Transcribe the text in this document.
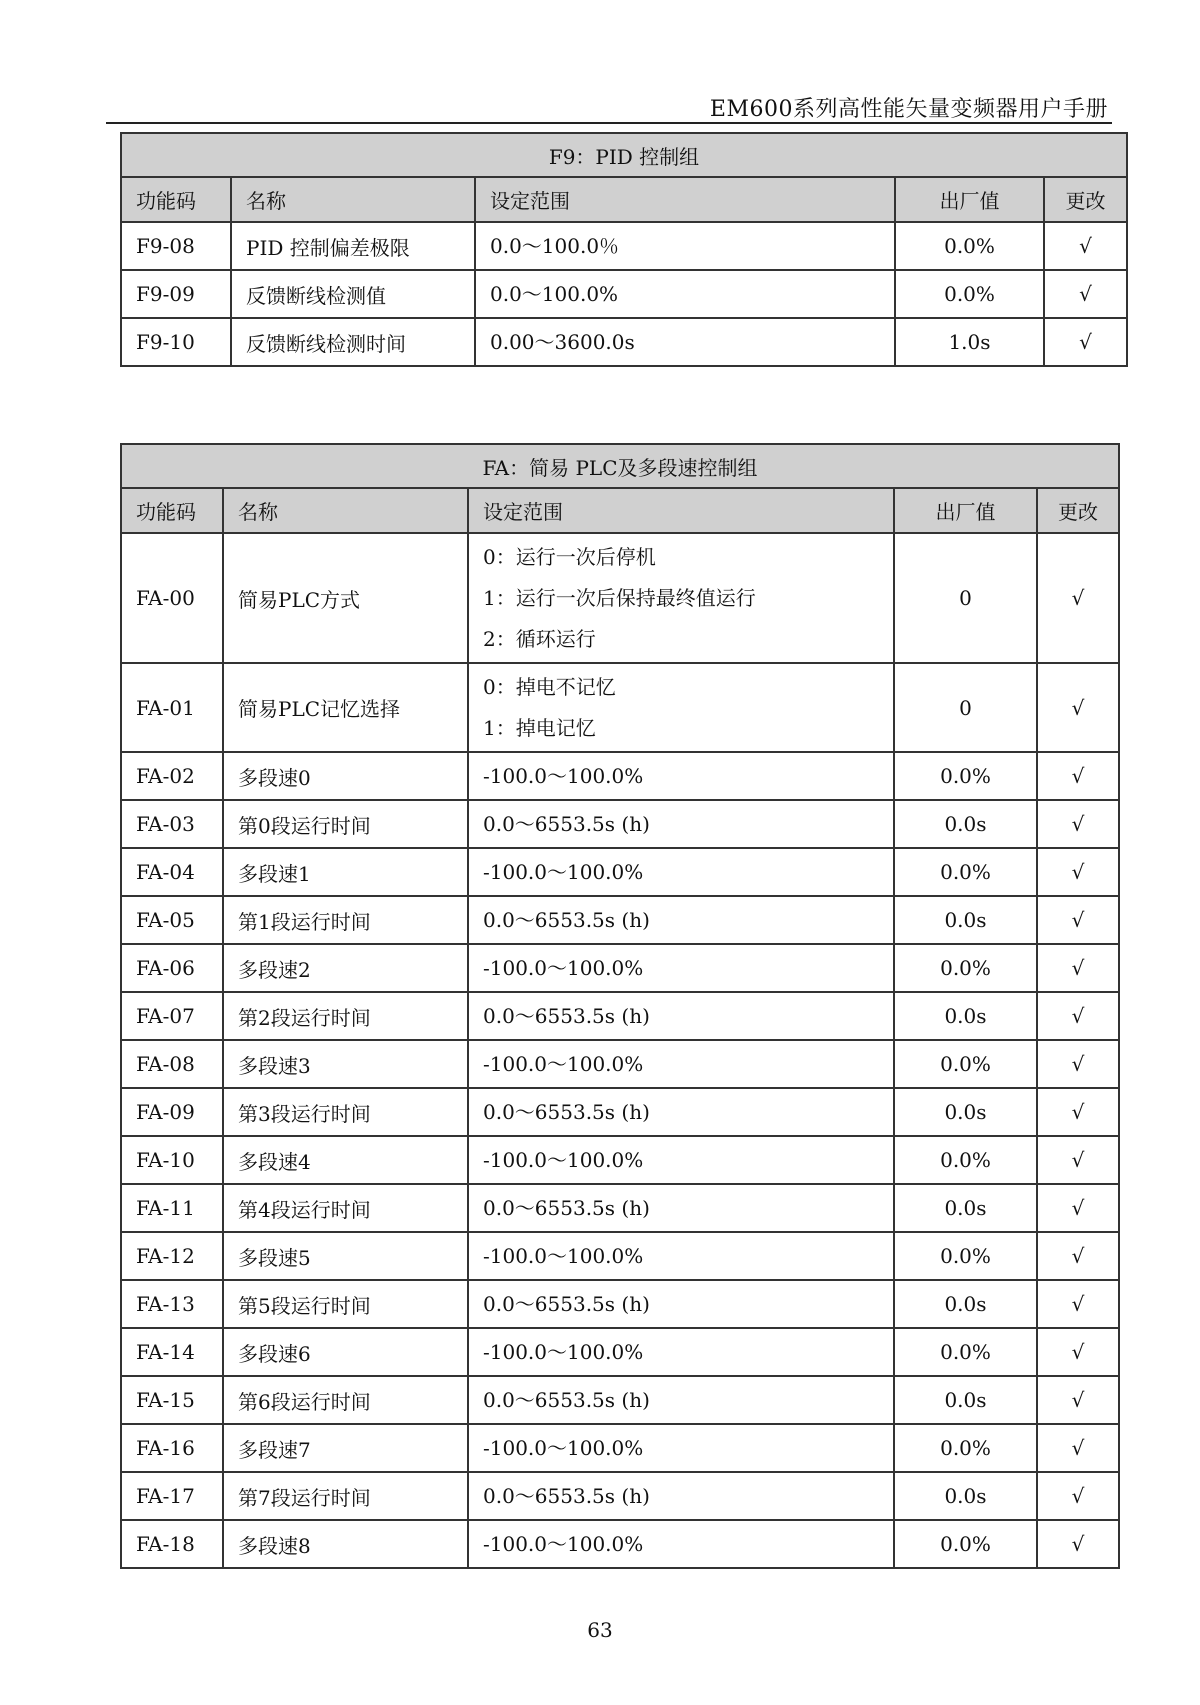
EM600系列高性能矢量变频器用户手册
F9：PID 控制组				
功能码	名称	设定范围	出厂值	更改
F9-08	PID 控制偏差极限	0.0～100.0％	0.0%	√
F9-09	反馈断线检测值	0.0～100.0%	0.0%	√
F9-10	反馈断线检测时间	0.00～3600.0s	1.0s	√
FA：简易 PLC及多段速控制组				
功能码	名称	设定范围	出厂值	更改
FA-00	简易PLC方式	0：运行一次后停机
1：运行一次后保持最终值运行
2：循环运行	0	√
FA-01	简易PLC记忆选择	0：掉电不记忆
1：掉电记忆	0	√
FA-02	多段速0	-100.0～100.0%	0.0%	√
FA-03	第0段运行时间	0.0～6553.5s (h)	0.0s	√
FA-04	多段速1	-100.0～100.0%	0.0%	√
FA-05	第1段运行时间	0.0～6553.5s (h)	0.0s	√
FA-06	多段速2	-100.0～100.0%	0.0%	√
FA-07	第2段运行时间	0.0～6553.5s (h)	0.0s	√
FA-08	多段速3	-100.0～100.0%	0.0%	√
FA-09	第3段运行时间	0.0～6553.5s (h)	0.0s	√
FA-10	多段速4	-100.0～100.0%	0.0%	√
FA-11	第4段运行时间	0.0～6553.5s (h)	0.0s	√
FA-12	多段速5	-100.0～100.0%	0.0%	√
FA-13	第5段运行时间	0.0～6553.5s (h)	0.0s	√
FA-14	多段速6	-100.0～100.0%	0.0%	√
FA-15	第6段运行时间	0.0～6553.5s (h)	0.0s	√
FA-16	多段速7	-100.0～100.0%	0.0%	√
FA-17	第7段运行时间	0.0～6553.5s (h)	0.0s	√
FA-18	多段速8	-100.0～100.0%	0.0%	√
63
